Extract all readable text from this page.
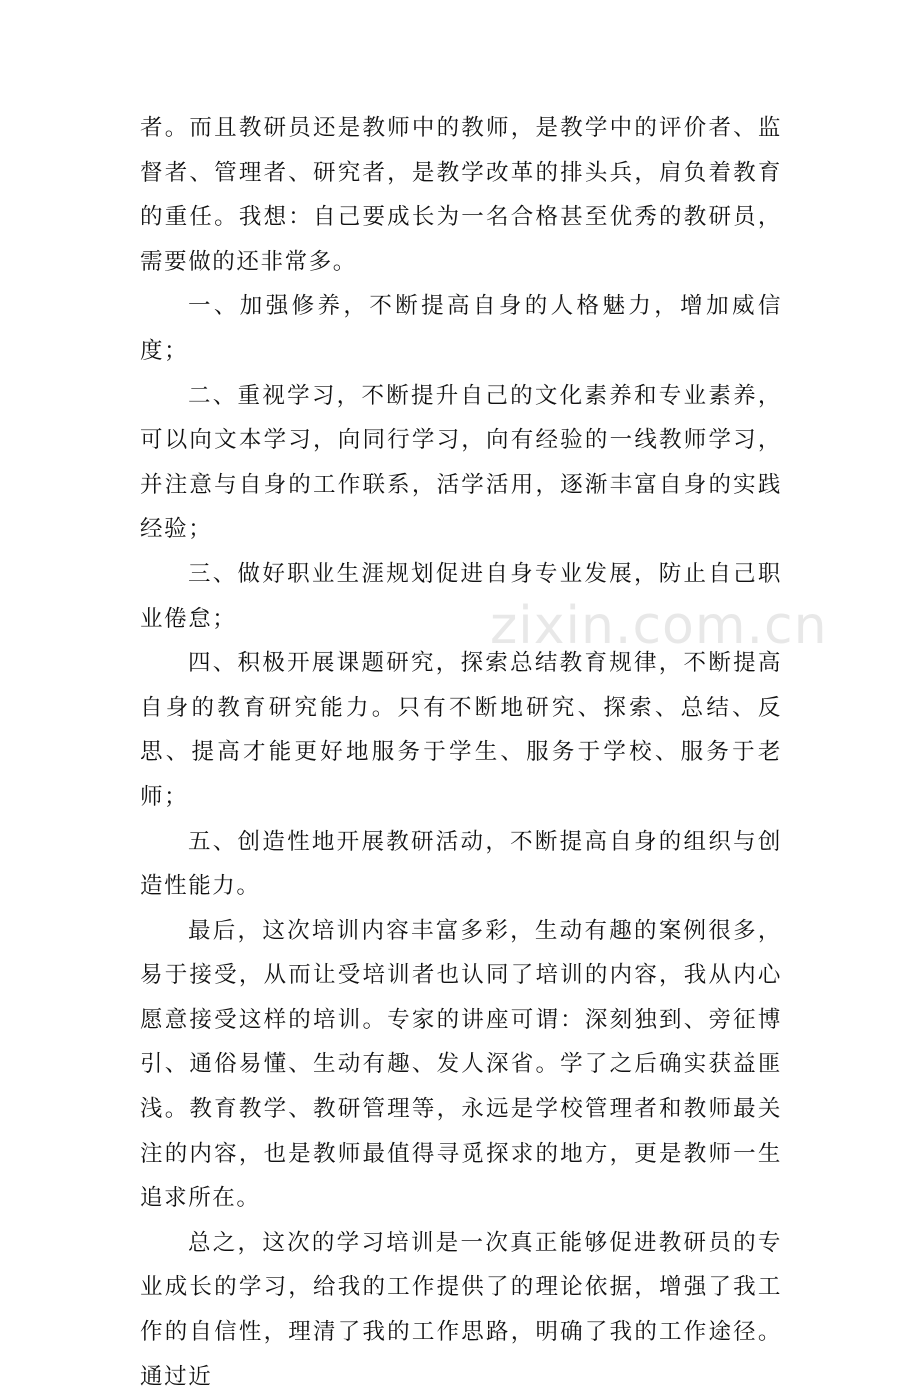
者。而且教研员还是教师中的教师，是教学中的评价者、监督者、管理者、研究者，是教学改革的排头兵，肩负着教育的重任。我想：自己要成长为一名合格甚至优秀的教研员，需要做的还非常多。

一、加强修养，不断提高自身的人格魅力，增加威信度；

二、重视学习，不断提升自己的文化素养和专业素养，可以向文本学习，向同行学习，向有经验的一线教师学习，并注意与自身的工作联系，活学活用，逐渐丰富自身的实践经验；

三、做好职业生涯规划促进自身专业发展，防止自己职业倦怠；

四、积极开展课题研究，探索总结教育规律，不断提高自身的教育研究能力。只有不断地研究、探索、总结、反思、提高才能更好地服务于学生、服务于学校、服务于老师；

五、创造性地开展教研活动，不断提高自身的组织与创造性能力。

最后，这次培训内容丰富多彩，生动有趣的案例很多，易于接受，从而让受培训者也认同了培训的内容，我从内心愿意接受这样的培训。专家的讲座可谓：深刻独到、旁征博引、通俗易懂、生动有趣、发人深省。学了之后确实获益匪浅。教育教学、教研管理等，永远是学校管理者和教师最关注的内容，也是教师最值得寻觅探求的地方，更是教师一生追求所在。

总之，这次的学习培训是一次真正能够促进教研员的专业成长的学习，给我的工作提供了的理论依据，增强了我工作的自信性，理清了我的工作思路，明确了我的工作途径。通过近

zixin.com.cn
